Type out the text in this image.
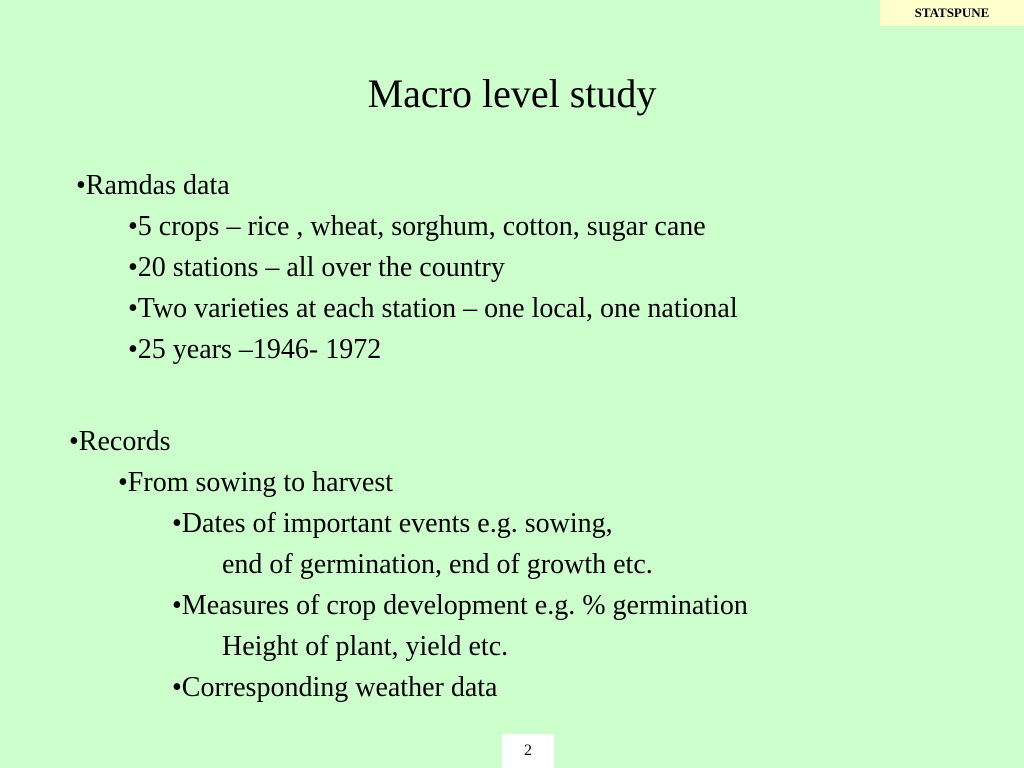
STATSPUNE
Macro level study
•Ramdas data
•5 crops – rice , wheat, sorghum, cotton, sugar cane
•20 stations – all over the country
•Two varieties at each station – one local, one national
•25 years –1946- 1972
•Records
•From sowing to harvest
•Dates of important events e.g. sowing,
end of germination, end of growth etc.
•Measures of crop development e.g. % germination
Height of plant, yield etc.
•Corresponding weather data
2
